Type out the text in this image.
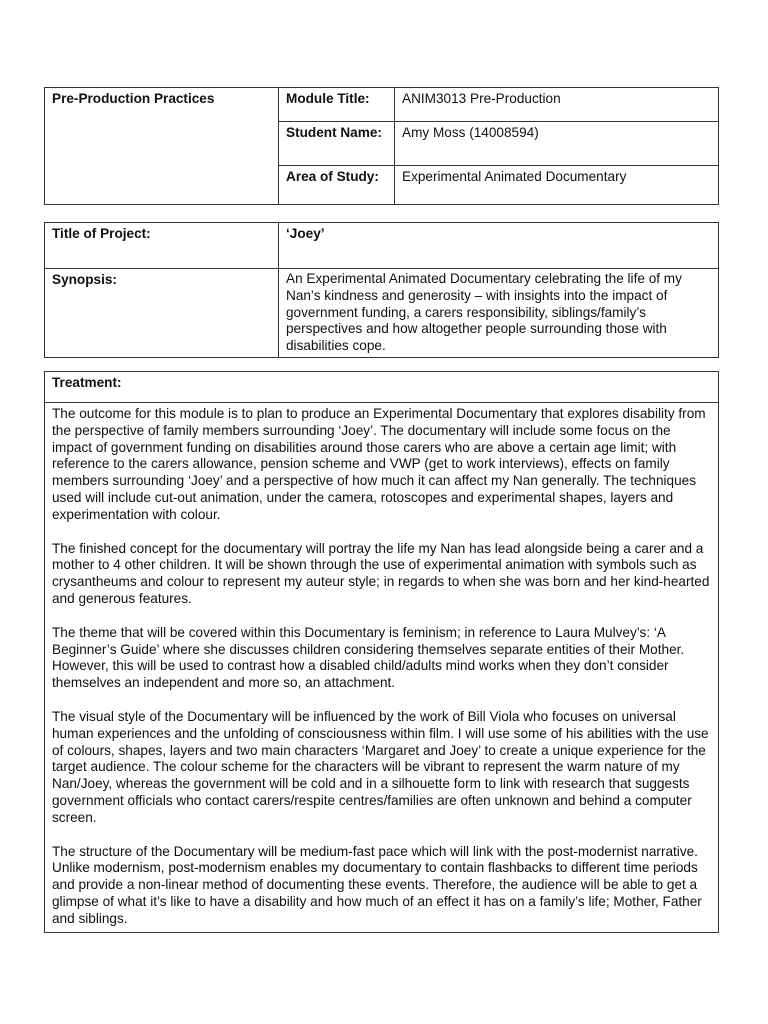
Pre-Production Practices	Module Title:	ANIM3013 Pre-Production

	Student Name:	Amy Moss (14008594)

	Area of Study:	Experimental Animated Documentary
Title of Project:	‘Joey’

Synopsis:	An Experimental Animated Documentary celebrating the life of my Nan’s kindness and generosity – with insights into the impact of government funding, a carers responsibility, siblings/family’s perspectives and how altogether people surrounding those with disabilities cope.
Treatment:

The outcome for this module is to plan to produce an Experimental Documentary that explores disability from the perspective of family members surrounding ‘Joey’. The documentary will include some focus on the impact of government funding on disabilities around those carers who are above a certain age limit; with reference to the carers allowance, pension scheme and VWP (get to work interviews), effects on family members surrounding ‘Joey’ and a perspective of how much it can affect my Nan generally. The techniques used will include cut-out animation, under the camera, rotoscopes and experimental shapes, layers and experimentation with colour.

The finished concept for the documentary will portray the life my Nan has lead alongside being a carer and a mother to 4 other children. It will be shown through the use of experimental animation with symbols such as crysantheums and colour to represent my auteur style; in regards to when she was born and her kind-hearted and generous features.

The theme that will be covered within this Documentary is feminism; in reference to Laura Mulvey’s: ‘A Beginner’s Guide’ where she discusses children considering themselves separate entities of their Mother. However, this will be used to contrast how a disabled child/adults mind works when they don’t consider themselves an independent and more so, an attachment.

The visual style of the Documentary will be influenced by the work of Bill Viola who focuses on universal human experiences and the unfolding of consciousness within film. I will use some of his abilities with the use of colours, shapes, layers and two main characters ‘Margaret and Joey’ to create a unique experience for the target audience. The colour scheme for the characters will be vibrant to represent the warm nature of my Nan/Joey, whereas the government will be cold and in a silhouette form to link with research that suggests government officials who contact carers/respite centres/families are often unknown and behind a computer screen.

The structure of the Documentary will be medium-fast pace which will link with the post-modernist narrative. Unlike modernism, post-modernism enables my documentary to contain flashbacks to different time periods and provide a non-linear method of documenting these events. Therefore, the audience will be able to get a glimpse of what it’s like to have a disability and how much of an effect it has on a family’s life; Mother, Father and siblings.
